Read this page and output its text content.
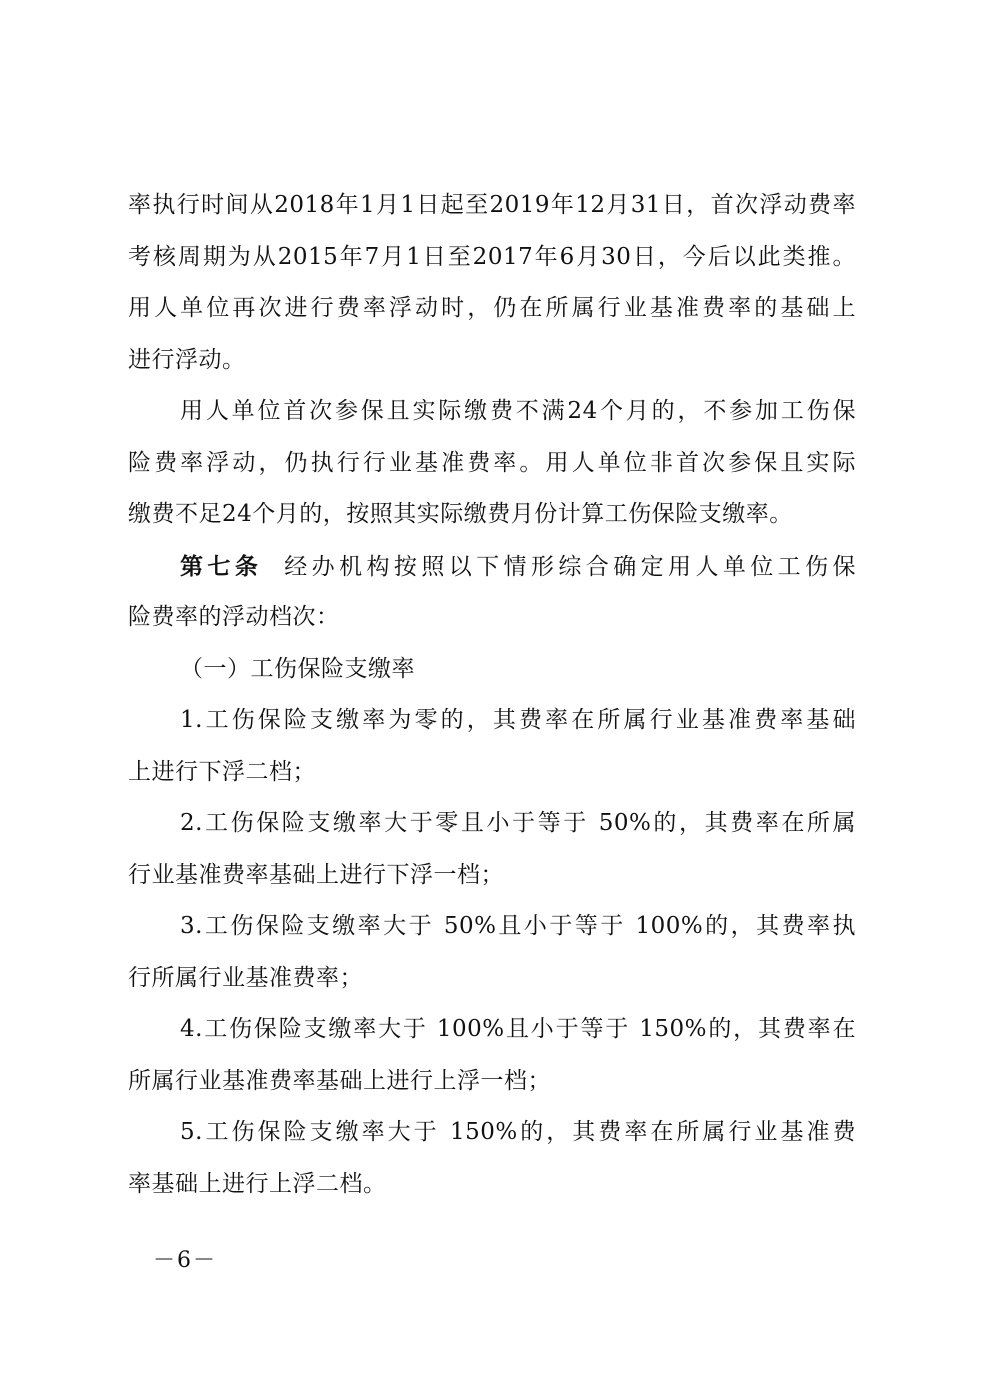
率执行时间从2018年1月1日起至2019年12月31日，首次浮动费率
考核周期为从2015年7月1日至2017年6月30日，今后以此类推。
用人单位再次进行费率浮动时，仍在所属行业基准费率的基础上
进行浮动。
用人单位首次参保且实际缴费不满24个月的，不参加工伤保
险费率浮动，仍执行行业基准费率。用人单位非首次参保且实际
缴费不足24个月的，按照其实际缴费月份计算工伤保险支缴率。
第七条 经办机构按照以下情形综合确定用人单位工伤保
险费率的浮动档次：
（一）工伤保险支缴率
1.工伤保险支缴率为零的，其费率在所属行业基准费率基础
上进行下浮二档；
2.工伤保险支缴率大于零且小于等于 50%的，其费率在所属
行业基准费率基础上进行下浮一档；
3.工伤保险支缴率大于 50%且小于等于 100%的，其费率执
行所属行业基准费率；
4.工伤保险支缴率大于 100%且小于等于 150%的，其费率在
所属行业基准费率基础上进行上浮一档；
5.工伤保险支缴率大于 150%的，其费率在所属行业基准费
率基础上进行上浮二档。
－6－
